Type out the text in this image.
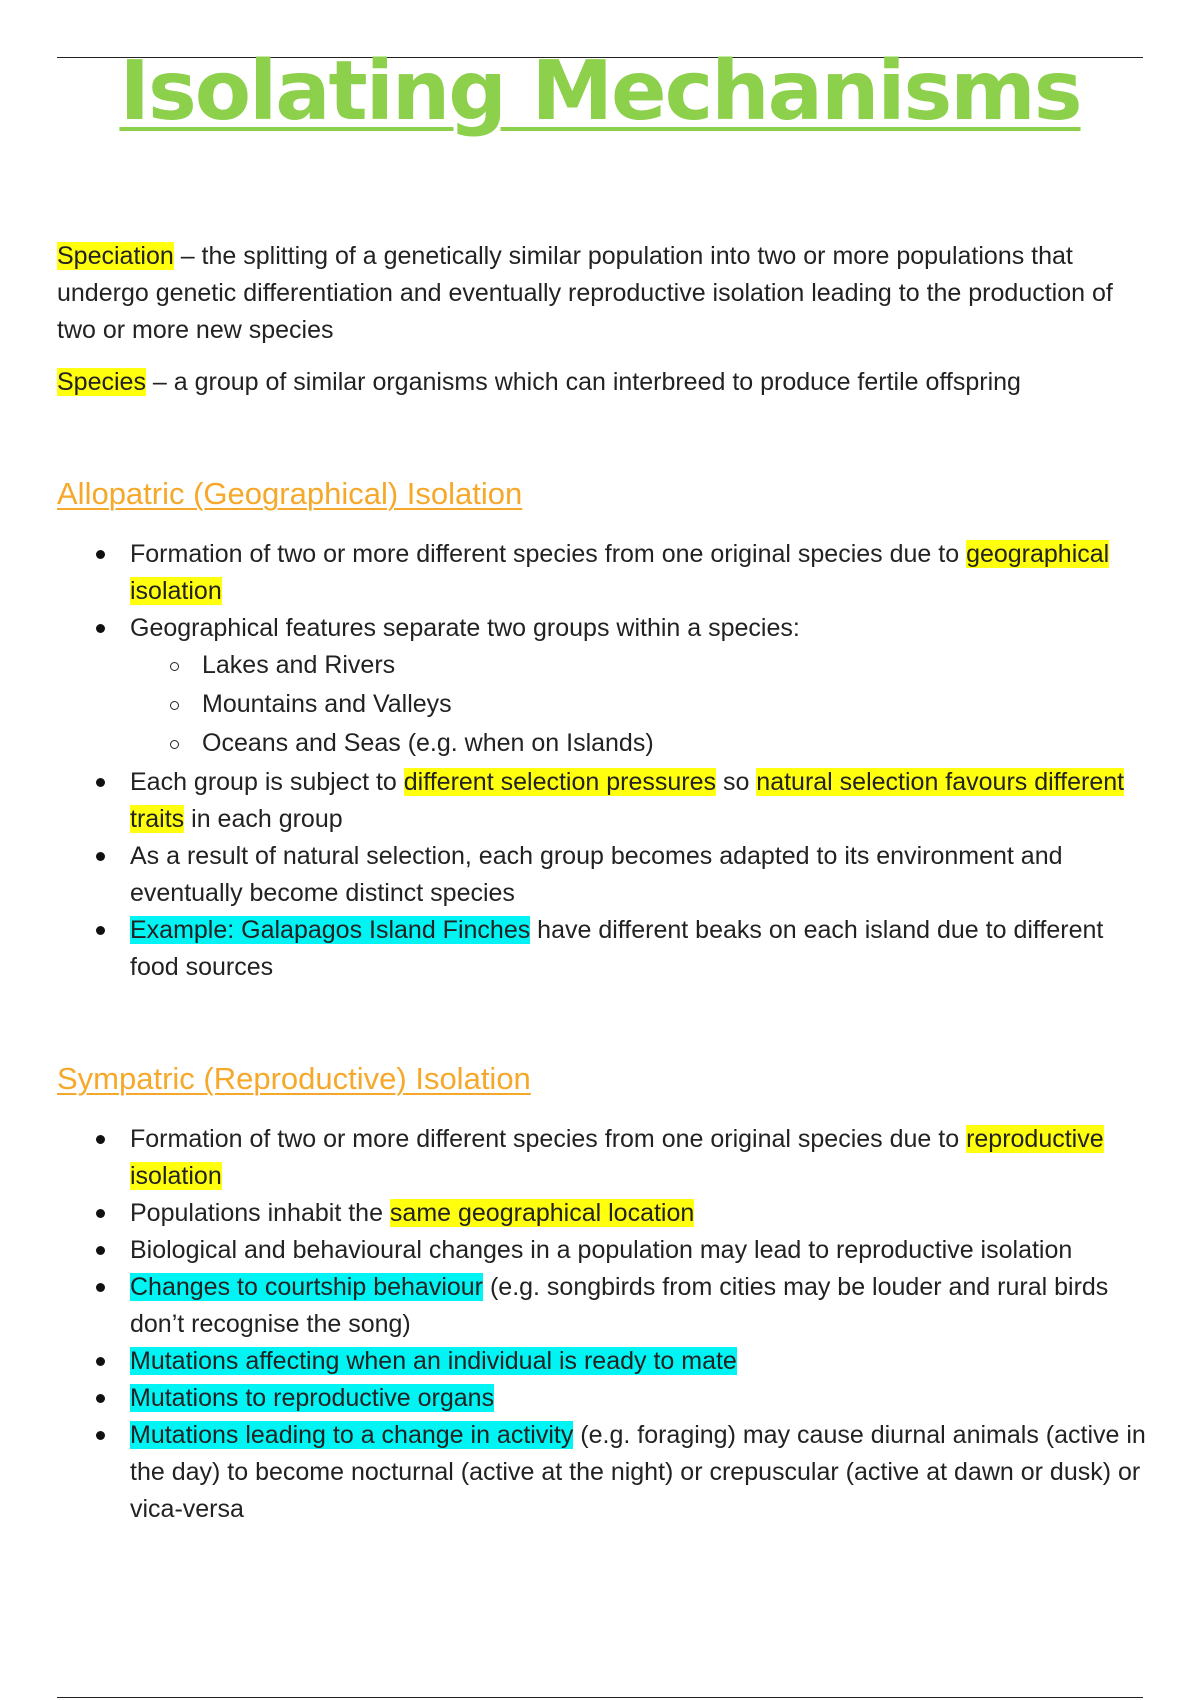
Isolating Mechanisms

Speciation – the splitting of a genetically similar population into two or more populations that undergo genetic differentiation and eventually reproductive isolation leading to the production of two or more new species

Species – a group of similar organisms which can interbreed to produce fertile offspring

Allopatric (Geographical) Isolation
Formation of two or more different species from one original species due to geographical isolation
Geographical features separate two groups within a species:
Lakes and Rivers
Mountains and Valleys
Oceans and Seas (e.g. when on Islands)
Each group is subject to different selection pressures so natural selection favours different traits in each group
As a result of natural selection, each group becomes adapted to its environment and eventually become distinct species
Example: Galapagos Island Finches have different beaks on each island due to different food sources
Sympatric (Reproductive) Isolation
Formation of two or more different species from one original species due to reproductive isolation
Populations inhabit the same geographical location
Biological and behavioural changes in a population may lead to reproductive isolation
Changes to courtship behaviour (e.g. songbirds from cities may be louder and rural birds don’t recognise the song)
Mutations affecting when an individual is ready to mate
Mutations to reproductive organs
Mutations leading to a change in activity (e.g. foraging) may cause diurnal animals (active in the day) to become nocturnal (active at the night) or crepuscular (active at dawn or dusk) or vica-versa
